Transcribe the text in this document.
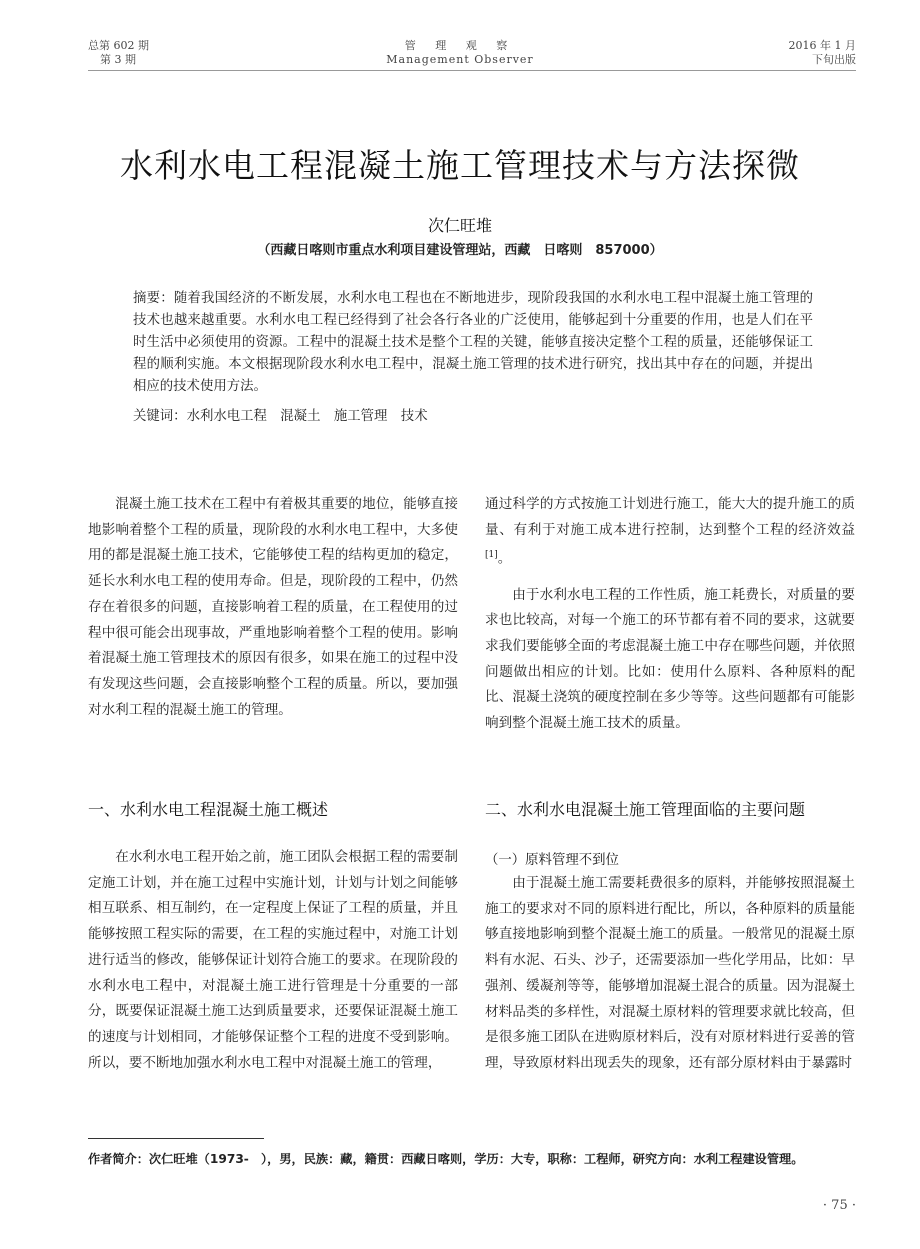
总第 602 期
第 3 期
管 理 观 察
Management Observer
2016 年 1 月
下旬出版
水利水电工程混凝土施工管理技术与方法探微
次仁旺堆
（西藏日喀则市重点水利项目建设管理站，西藏　日喀则　857000）
摘要：随着我国经济的不断发展，水利水电工程也在不断地进步，现阶段我国的水利水电工程中混凝土施工管理的技术也越来越重要。水利水电工程已经得到了社会各行各业的广泛使用，能够起到十分重要的作用，也是人们在平时生活中必须使用的资源。工程中的混凝土技术是整个工程的关键，能够直接决定整个工程的质量，还能够保证工程的顺利实施。本文根据现阶段水利水电工程中，混凝土施工管理的技术进行研究，找出其中存在的问题，并提出相应的技术使用方法。
关键词：水利水电工程　混凝土　施工管理　技术

混凝土施工技术在工程中有着极其重要的地位，能够直接地影响着整个工程的质量，现阶段的水利水电工程中，大多使用的都是混凝土施工技术，它能够使工程的结构更加的稳定，延长水利水电工程的使用寿命。但是，现阶段的工程中，仍然存在着很多的问题，直接影响着工程的质量，在工程使用的过程中很可能会出现事故，严重地影响着整个工程的使用。影响着混凝土施工管理技术的原因有很多，如果在施工的过程中没有发现这些问题，会直接影响整个工程的质量。所以，要加强对水利工程的混凝土施工的管理。

一、水利水电工程混凝土施工概述

在水利水电工程开始之前，施工团队会根据工程的需要制定施工计划，并在施工过程中实施计划，计划与计划之间能够相互联系、相互制约，在一定程度上保证了工程的质量，并且能够按照工程实际的需要，在工程的实施过程中，对施工计划进行适当的修改，能够保证计划符合施工的要求。在现阶段的水利水电工程中，对混凝土施工进行管理是十分重要的一部分，既要保证混凝土施工达到质量要求，还要保证混凝土施工的速度与计划相同，才能够保证整个工程的进度不受到影响。所以，要不断地加强水利水电工程中对混凝土施工的管理，

通过科学的方式按施工计划进行施工，能大大的提升施工的质量、有利于对施工成本进行控制，达到整个工程的经济效益[1]。

由于水利水电工程的工作性质，施工耗费长，对质量的要求也比较高，对每一个施工的环节都有着不同的要求，这就要求我们要能够全面的考虑混凝土施工中存在哪些问题，并依照问题做出相应的计划。比如：使用什么原料、各种原料的配比、混凝土浇筑的硬度控制在多少等等。这些问题都有可能影响到整个混凝土施工技术的质量。

二、水利水电混凝土施工管理面临的主要问题
（一）原料管理不到位

由于混凝土施工需要耗费很多的原料，并能够按照混凝土施工的要求对不同的原料进行配比，所以，各种原料的质量能够直接地影响到整个混凝土施工的质量。一般常见的混凝土原料有水泥、石头、沙子，还需要添加一些化学用品，比如：早强剂、缓凝剂等等，能够增加混凝土混合的质量。因为混凝土材料品类的多样性，对混凝土原材料的管理要求就比较高，但是很多施工团队在进购原材料后，没有对原材料进行妥善的管理，导致原材料出现丢失的现象，还有部分原材料由于暴露时

作者简介：次仁旺堆（1973-　），男，民族：藏，籍贯：西藏日喀则，学历：大专，职称：工程师，研究方向：水利工程建设管理。
· 75 ·
